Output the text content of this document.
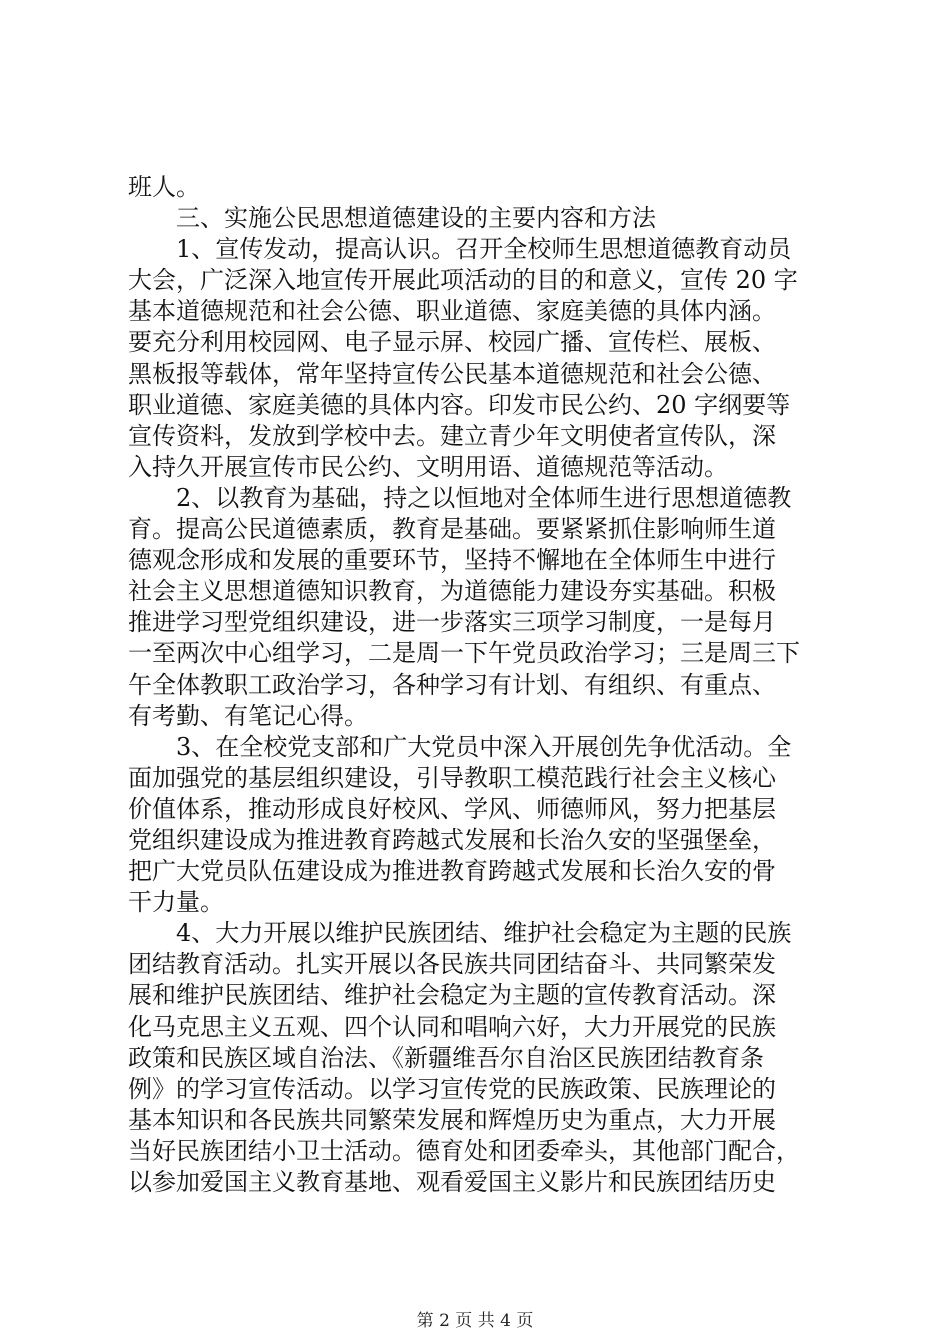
班人。
三、实施公民思想道德建设的主要内容和方法
1、宣传发动，提高认识。召开全校师生思想道德教育动员
大会，广泛深入地宣传开展此项活动的目的和意义，宣传 20 字
基本道德规范和社会公德、职业道德、家庭美德的具体内涵。
要充分利用校园网、电子显示屏、校园广播、宣传栏、展板、
黑板报等载体，常年坚持宣传公民基本道德规范和社会公德、
职业道德、家庭美德的具体内容。印发市民公约、20 字纲要等
宣传资料，发放到学校中去。建立青少年文明使者宣传队，深
入持久开展宣传市民公约、文明用语、道德规范等活动。
2、以教育为基础，持之以恒地对全体师生进行思想道德教
育。提高公民道德素质，教育是基础。要紧紧抓住影响师生道
德观念形成和发展的重要环节，坚持不懈地在全体师生中进行
社会主义思想道德知识教育，为道德能力建设夯实基础。积极
推进学习型党组织建设，进一步落实三项学习制度，一是每月
一至两次中心组学习，二是周一下午党员政治学习；三是周三下
午全体教职工政治学习，各种学习有计划、有组织、有重点、
有考勤、有笔记心得。
3、在全校党支部和广大党员中深入开展创先争优活动。全
面加强党的基层组织建设，引导教职工模范践行社会主义核心
价值体系，推动形成良好校风、学风、师德师风，努力把基层
党组织建设成为推进教育跨越式发展和长治久安的坚强堡垒，
把广大党员队伍建设成为推进教育跨越式发展和长治久安的骨
干力量。
4、大力开展以维护民族团结、维护社会稳定为主题的民族
团结教育活动。扎实开展以各民族共同团结奋斗、共同繁荣发
展和维护民族团结、维护社会稳定为主题的宣传教育活动。深
化马克思主义五观、四个认同和唱响六好，大力开展党的民族
政策和民族区域自治法、《新疆维吾尔自治区民族团结教育条
例》的学习宣传活动。以学习宣传党的民族政策、民族理论的
基本知识和各民族共同繁荣发展和辉煌历史为重点，大力开展
当好民族团结小卫士活动。德育处和团委牵头，其他部门配合，
以参加爱国主义教育基地、观看爱国主义影片和民族团结历史
第 2 页 共 4 页
